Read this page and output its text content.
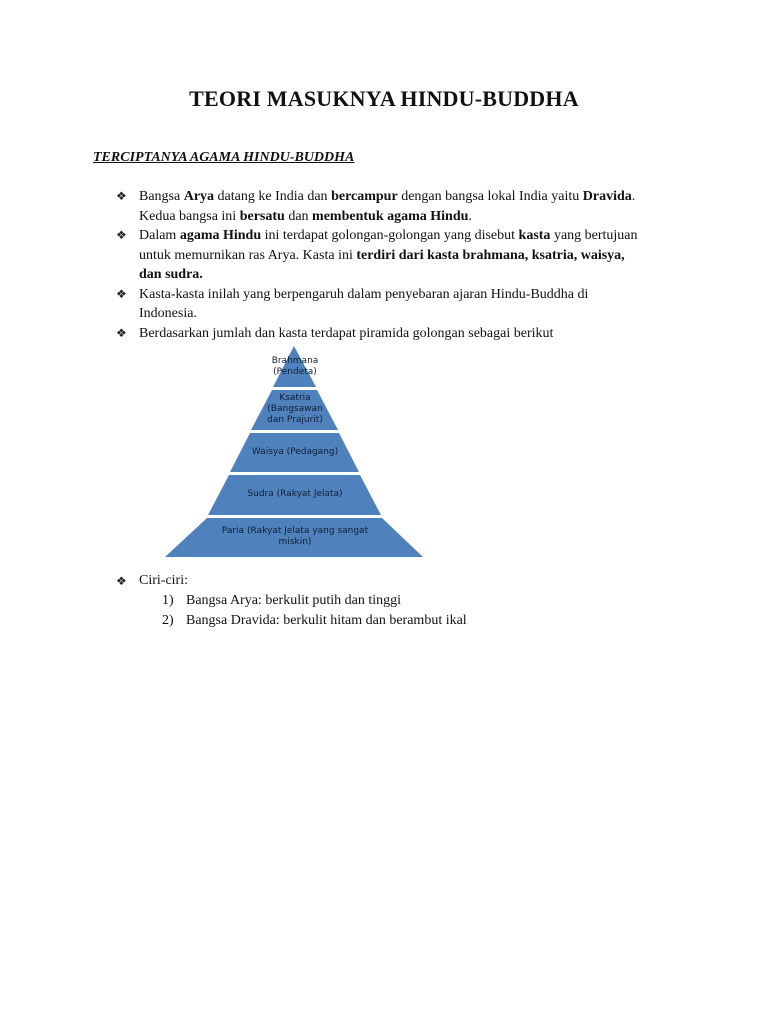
TEORI MASUKNYA HINDU-BUDDHA
TERCIPTANYA AGAMA HINDU-BUDDHA
❖ Bangsa Arya datang ke India dan bercampur dengan bangsa lokal India yaitu Dravida. Kedua bangsa ini bersatu dan membentuk agama Hindu.
❖ Dalam agama Hindu ini terdapat golongan-golongan yang disebut kasta yang bertujuan untuk memurnikan ras Arya. Kasta ini terdiri dari kasta brahmana, ksatria, waisya, dan sudra.
❖ Kasta-kasta inilah yang berpengaruh dalam penyebaran ajaran Hindu-Buddha di Indonesia.
❖ Berdasarkan jumlah dan kasta terdapat piramida golongan sebagai berikut
Brahmana
(Pendeta)
Ksatria
(Bangsawan
dan Prajurit)
Waisya (Pedagang)
Sudra (Rakyat Jelata)
Paria (Rakyat Jelata yang sangat
miskin)
❖ Ciri-ciri:
1) Bangsa Arya: berkulit putih dan tinggi
2) Bangsa Dravida: berkulit hitam dan berambut ikal
